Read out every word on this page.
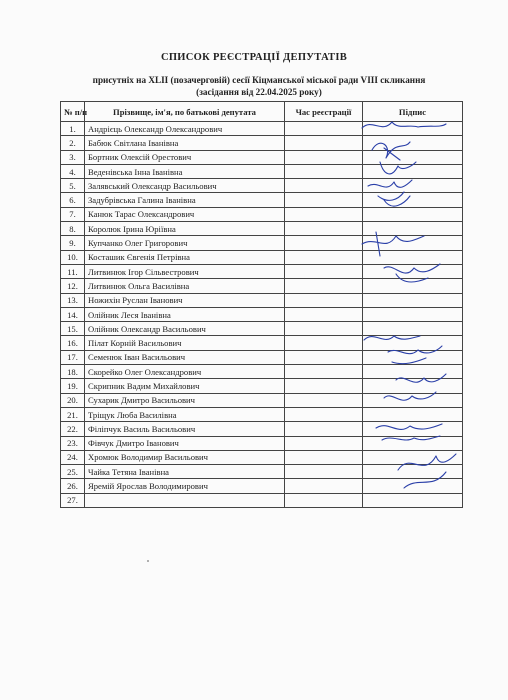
СПИСОК РЕЄСТРАЦІЇ ДЕПУТАТІВ
присутніх на XLII (позачерговій) сесії Кіцманської міської ради VIII скликання
(засідання від 22.04.2025 року)
№ п/п	Прізвище, ім'я, по батькові депутата	Час реєстрації	Підпис
1.	Андрієць Олександр Олександрович		
2.	Бабюк Світлана Іванівна		
3.	Бортник Олексій Орестович		
4.	Веденівська Інна Іванівна		
5.	Залявський Олександр Васильович		
6.	Задубрівська Галина Іванівна		
7.	Канюк Тарас Олександрович		
8.	Королюк Ірина Юріївна		
9.	Купчанко Олег Григорович		
10.	Косташик Євгенія Петрівна		
11.	Литвинюк Ігор Сільвестрович		
12.	Литвинюк Ольга Василівна		
13.	Ножихін Руслан Іванович		
14.	Олійник Леся Іванівна		
15.	Олійник Олександр Васильович		
16.	Пілат Корній Васильович		
17.	Семенюк Іван Васильович		
18.	Скорейко Олег Олександрович		
19.	Скрипник Вадим Михайлович		
20.	Сухарик Дмитро Васильович		
21.	Тріщук Люба Василівна		
22.	Філіпчук Василь Васильович		
23.	Фівчук Дмитро Іванович		
24.	Хромюк Володимир Васильович		
25.	Чайка Тетяна Іванівна		
26.	Яремій Ярослав Володимирович		
27.			
